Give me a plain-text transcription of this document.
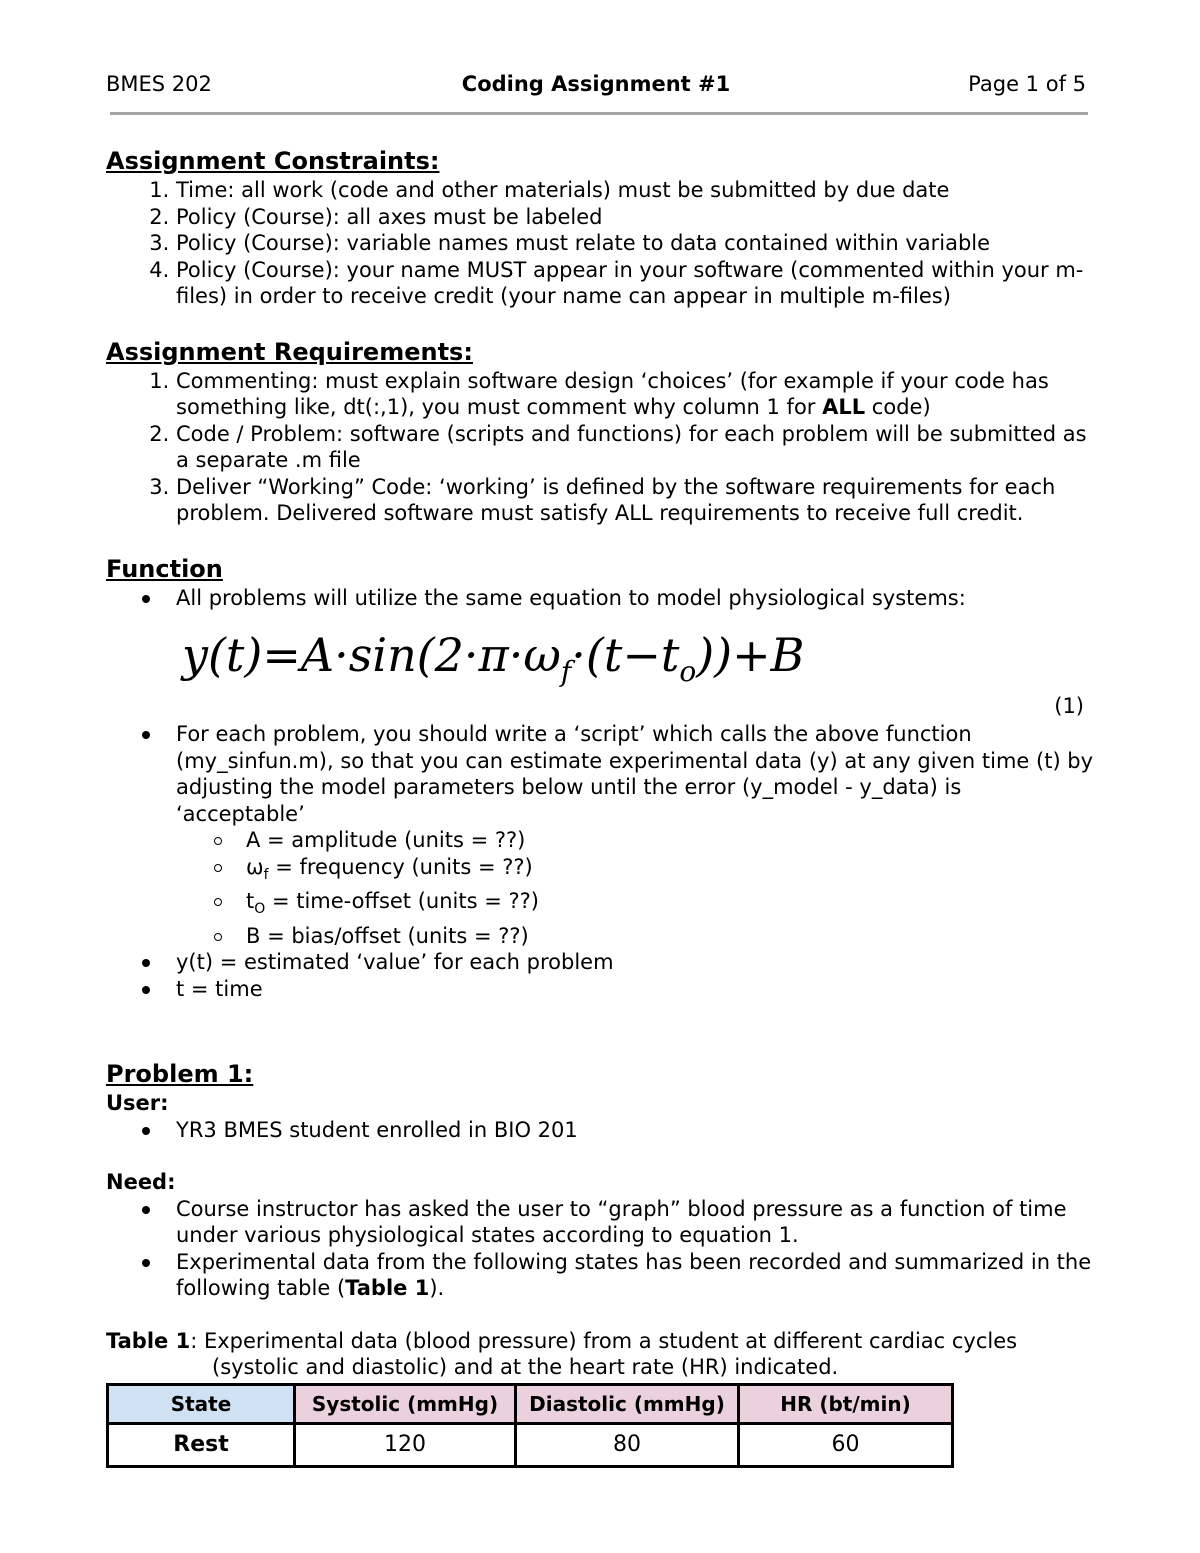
Coding Assignment #1
BMES 202	Page 1 of 5
Assignment Constraints:
1. Time: all work (code and other materials) must be submitted by due date
2. Policy (Course): all axes must be labeled
3. Policy (Course): variable names must relate to data contained within variable
4. Policy (Course): your name MUST appear in your software (commented within your m-files) in order to receive credit (your name can appear in multiple m-files)
Assignment Requirements:
1. Commenting: must explain software design ‘choices’ (for example if your code has something like, dt(:,1), you must comment why column 1 for ALL code)
2. Code / Problem: software (scripts and functions) for each problem will be submitted as a separate .m file
3. Deliver “Working” Code: ‘working’ is defined by the software requirements for each problem. Delivered software must satisfy ALL requirements to receive full credit.
Function
All problems will utilize the same equation to model physiological systems:
$y(t)=A\cdot\sin(2\cdot\pi\cdot\omega_f\cdot(t-t_o))+B$
(1)
For each problem, you should write a ‘script’ which calls the above function (my_sinfun.m), so that you can estimate experimental data (y) at any given time (t) by adjusting the model parameters below until the error (y_model - y_data) is ‘acceptable’
A = amplitude (units = ??)
$\omega_f$ = frequency (units = ??)
$t_O$ = time-offset (units = ??)
B = bias/offset (units = ??)
y(t) = estimated ‘value’ for each problem
t = time
Problem 1:
User:
YR3 BMES student enrolled in BIO 201
Need:
Course instructor has asked the user to “graph” blood pressure as a function of time under various physiological states according to equation 1.
Experimental data from the following states has been recorded and summarized in the following table (Table 1).
Table 1: Experimental data (blood pressure) from a student at different cardiac cycles
(systolic and diastolic) and at the heart rate (HR) indicated.
State	Systolic (mmHg)	Diastolic (mmHg)	HR (bt/min)
Rest	120	80	60
